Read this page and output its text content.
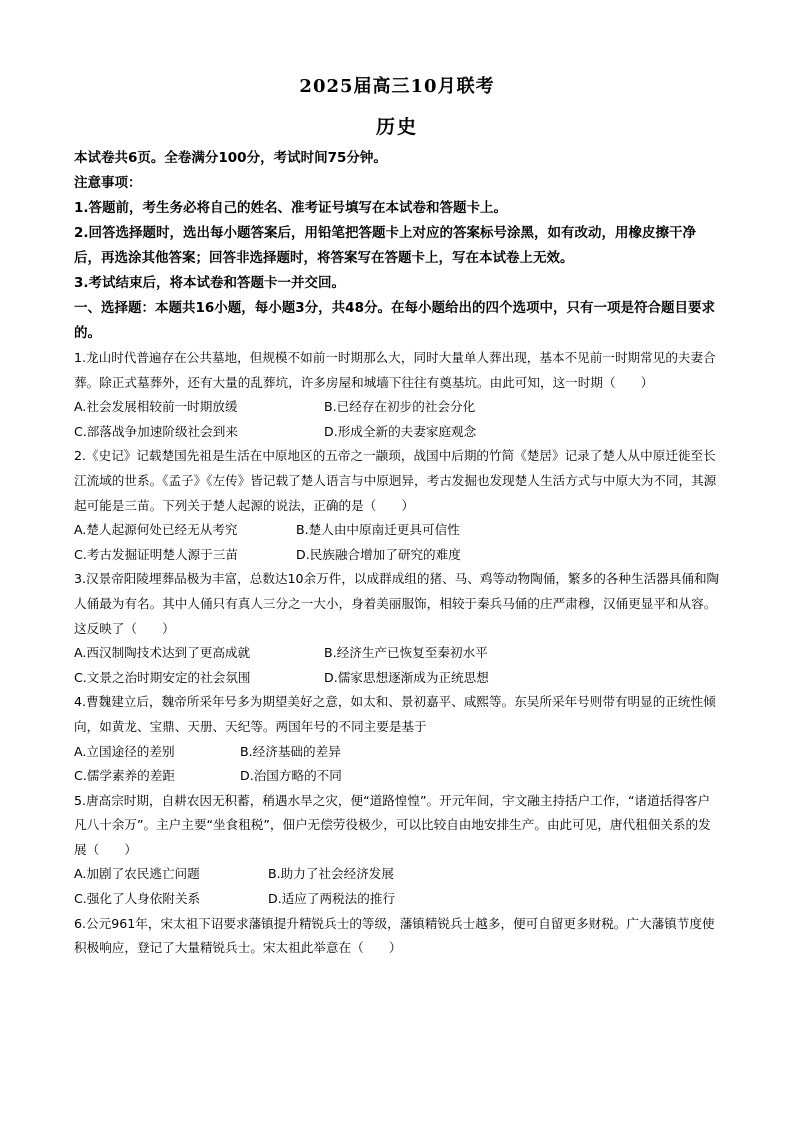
2025届高三10月联考
历史

本试卷共6页。全卷满分100分，考试时间75分钟。

注意事项：

1.答题前，考生务必将自己的姓名、准考证号填写在本试卷和答题卡上。

2.回答选择题时，选出每小题答案后，用铅笔把答题卡上对应的答案标号涂黑，如有改动，用橡皮擦干净后，再选涂其他答案；回答非选择题时，将答案写在答题卡上，写在本试卷上无效。

3.考试结束后，将本试卷和答题卡一并交回。

一、选择题：本题共16小题，每小题3分，共48分。在每小题给出的四个选项中，只有一项是符合题目要求的。

1.龙山时代普遍存在公共墓地，但规模不如前一时期那么大，同时大量单人葬出现，基本不见前一时期常见的夫妻合葬。除正式墓葬外，还有大量的乱葬坑，许多房屋和城墙下往往有奠基坑。由此可知，这一时期（　　）

A.社会发展相较前一时期放缓	B.已经存在初步的社会分化
C.部落战争加速阶级社会到来	D.形成全新的夫妻家庭观念

2.《史记》记载楚国先祖是生活在中原地区的五帝之一颛顼，战国中后期的竹简《楚居》记录了楚人从中原迁徙至长江流域的世系。《孟子》《左传》皆记载了楚人语言与中原迥异，考古发掘也发现楚人生活方式与中原大为不同，其源起可能是三苗。下列关于楚人起源的说法，正确的是（　　）

A.楚人起源何处已经无从考究	B.楚人由中原南迁更具可信性
C.考古发掘证明楚人源于三苗	D.民族融合增加了研究的难度

3.汉景帝阳陵埋葬品极为丰富，总数达10余万件，以成群成组的猪、马、鸡等动物陶俑，繁多的各种生活器具俑和陶人俑最为有名。其中人俑只有真人三分之一大小，身着美丽服饰，相较于秦兵马俑的庄严肃穆，汉俑更显平和从容。这反映了（　　）

A.西汉制陶技术达到了更高成就	B.经济生产已恢复至秦初水平
C.文景之治时期安定的社会氛围	D.儒家思想逐渐成为正统思想

4.曹魏建立后，魏帝所采年号多为期望美好之意，如太和、景初嘉平、咸熙等。东吴所采年号则带有明显的正统性倾向，如黄龙、宝鼎、天册、天纪等。两国年号的不同主要是基于

A.立国途径的差别	B.经济基础的差异
C.儒学素养的差距	D.治国方略的不同

5.唐高宗时期，自耕农因无积蓄，稍遇水旱之灾，便“道路惶惶”。开元年间，宇文融主持括户工作，“诸道括得客户凡八十余万”。主户主要“坐食租税”，佃户无偿劳役极少，可以比较自由地安排生产。由此可见，唐代租佃关系的发展（　　）

A.加剧了农民逃亡问题	B.助力了社会经济发展
C.强化了人身依附关系	D.适应了两税法的推行

6.公元961年，宋太祖下诏要求藩镇提升精锐兵士的等级，藩镇精锐兵士越多，便可自留更多财税。广大藩镇节度使积极响应，登记了大量精锐兵士。宋太祖此举意在（　　）
